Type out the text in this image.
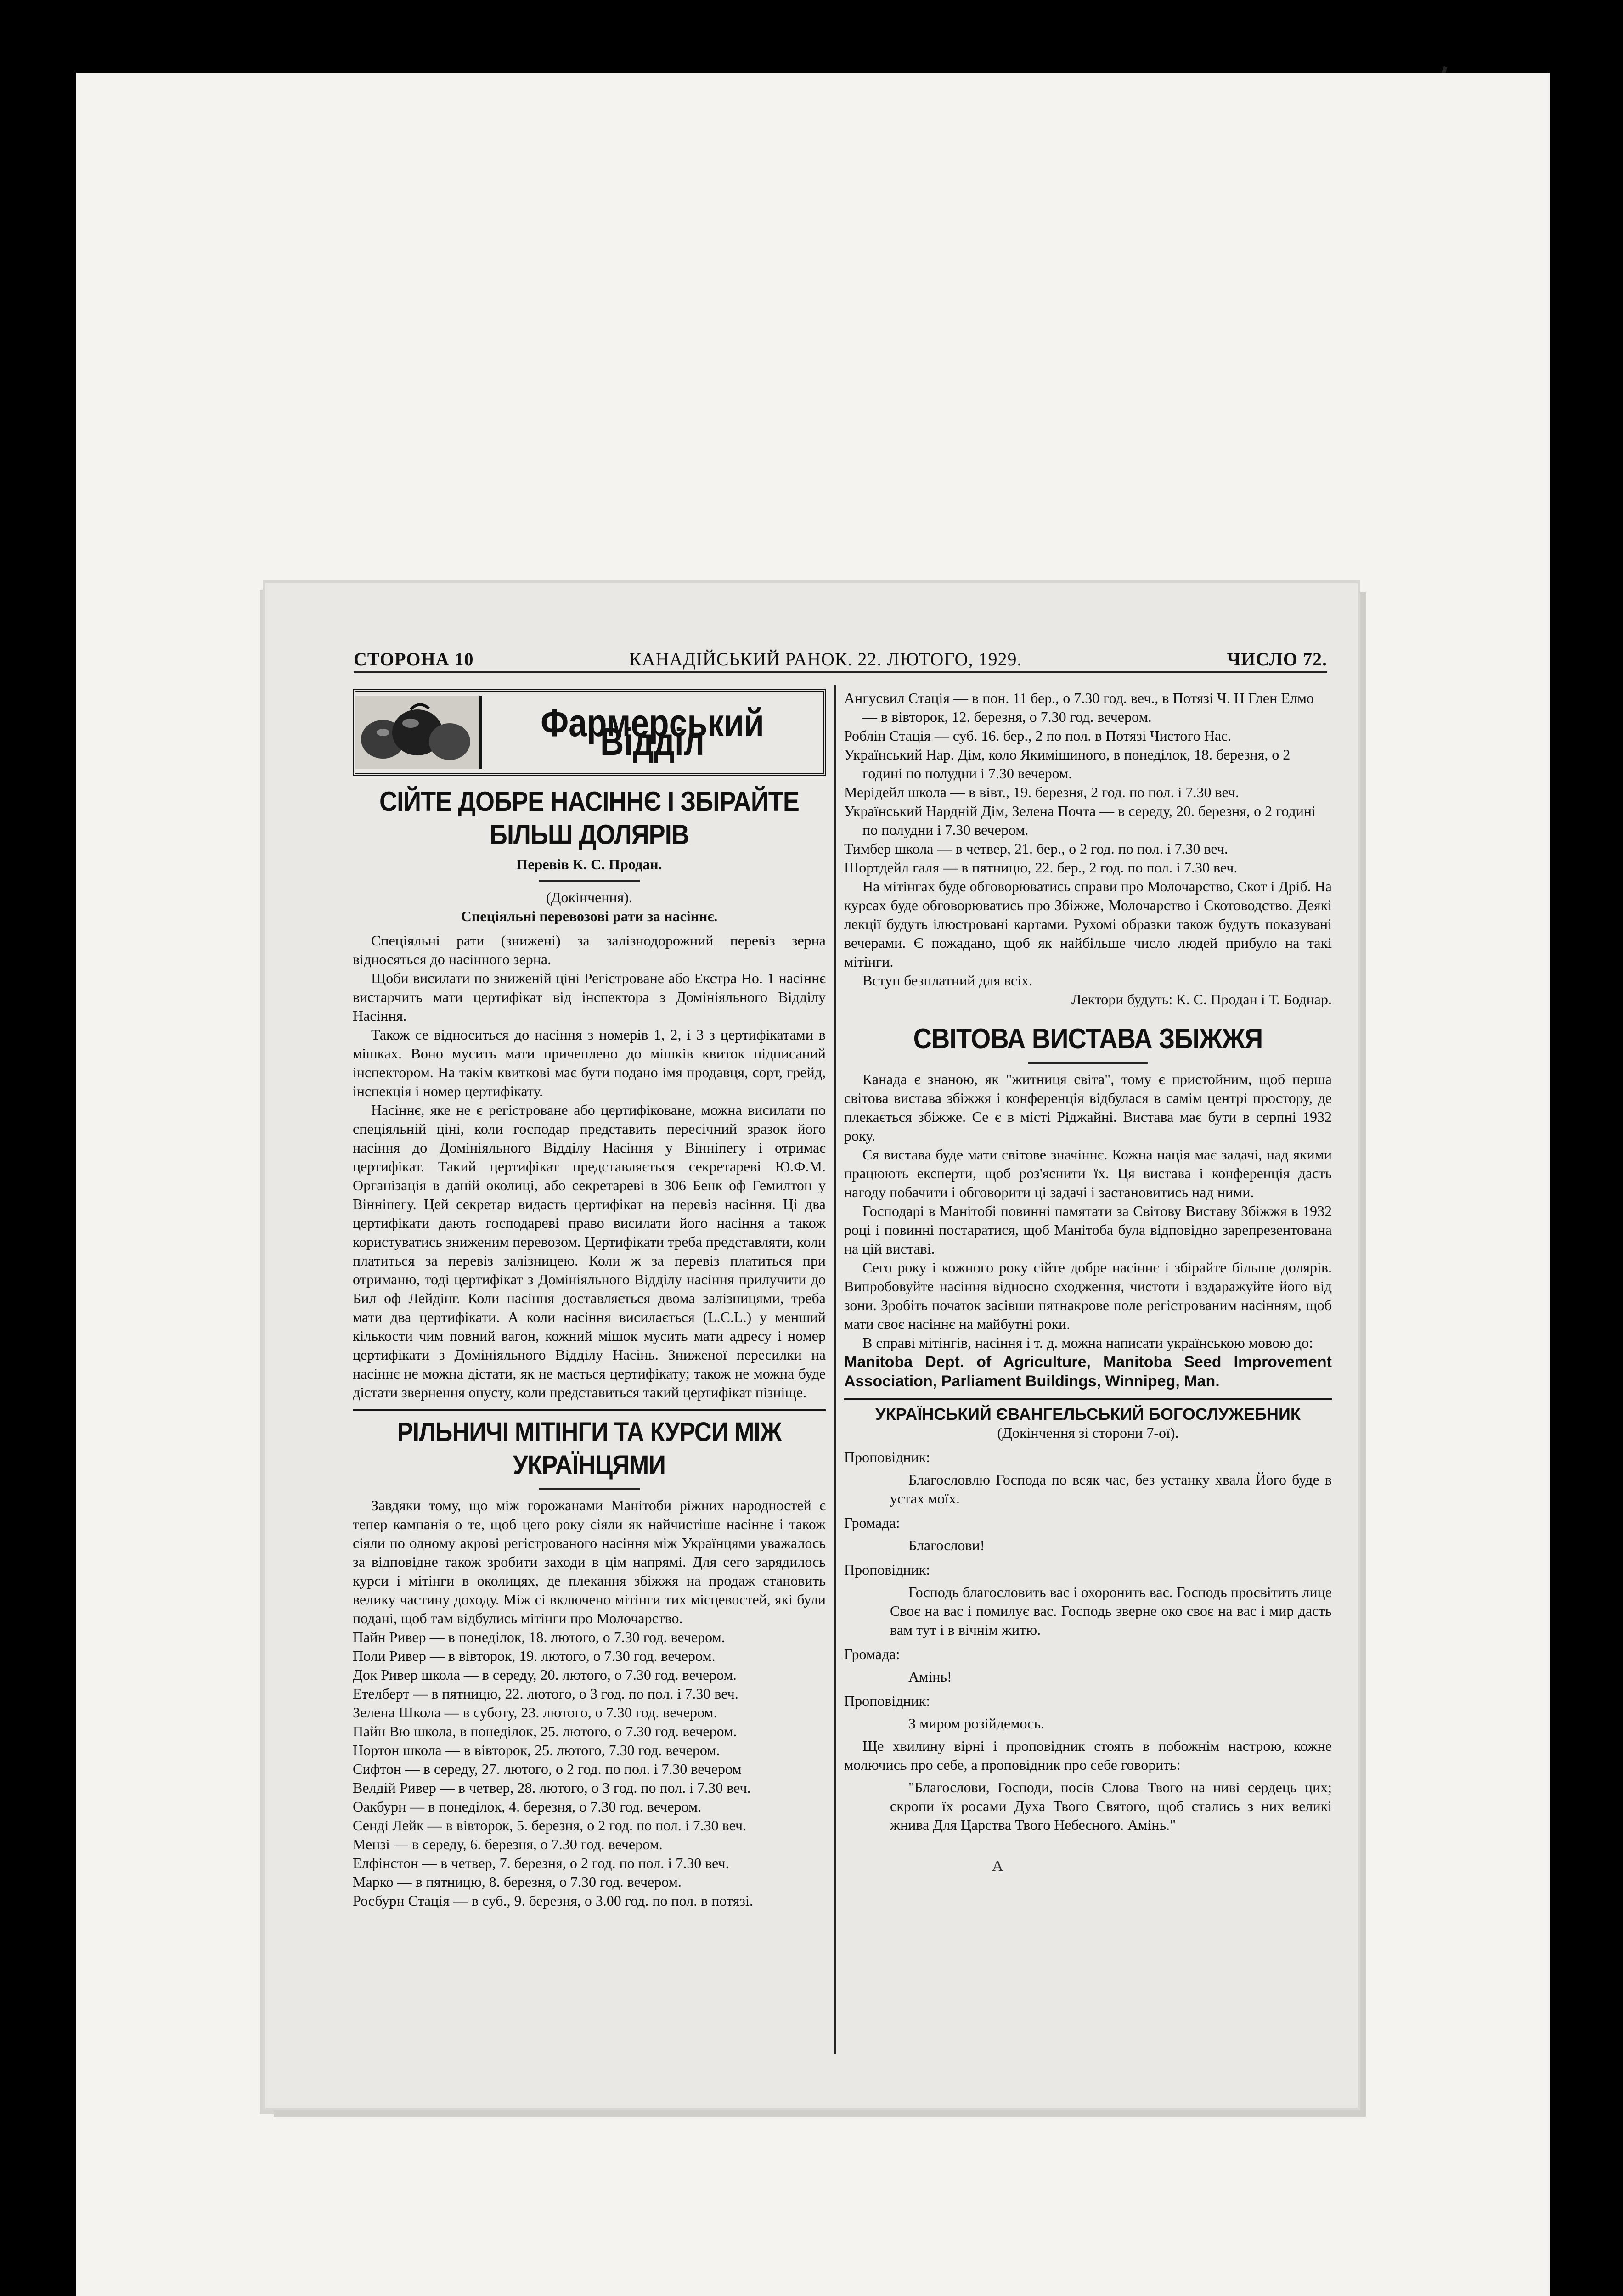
СТОРОНА 10	КАНАДІЙСЬКИЙ РАНОК. 22. ЛЮТОГО, 1929.	ЧИСЛО 72.
Фармерський Відділ
СІЙТЕ ДОБРЕ НАСІННЄ І ЗБІРАЙТЕ БІЛЬШ ДОЛЯРІВ

Перевів К. С. Продан.

(Докінчення).

Спеціяльні перевозові рати за насіннє.

Спеціяльні рати (знижені) за залізнодорожний перевіз зерна відносяться до насінного зерна.

Щоби висилати по зниженій ціні Регістроване або Екстра Но. 1 насіннє вистарчить мати цертифікат від інспектора з Домініяльного Відділу Насіння.

Також се відноситься до насіння з номерів 1, 2, і 3 з цертифікатами в мішках. Воно мусить мати причеплено до мішків квиток підписаний інспектором. На такім квиткові має бути подано імя продавця, сорт, грейд, інспекція і номер цертифікату.

Насіннє, яке не є регістроване або цертифіковане, можна висилати по спеціяльній ціні, коли господар представить пересічний зразок його насіння до Домініяльного Відділу Насіння у Вінніпегу і отримає цертифікат. Такий цертифікат представляється секретареві Ю.Ф.М. Організація в даній околиці, або секретареві в 306 Бенк оф Гемилтон у Вінніпегу. Цей секретар видасть цертифікат на перевіз насіння. Ці два цертифікати дають господареві право висилати його насіння а також користуватись зниженим перевозом. Цертифікати треба представляти, коли платиться за перевіз залізницею. Коли ж за перевіз платиться при отриманю, тоді цертифікат з Домініяльного Відділу насіння прилучити до Бил оф Лейдінг. Коли насіння доставляється двома залізницями, треба мати два цертифікати. А коли насіння висилається (L.C.L.) у менший кількости чим повний вагон, кожний мішок мусить мати адресу і номер цертифікати з Домініяльного Відділу Насінь. Зниженої пересилки на насіннє не можна дістати, як не мається цертифікату; також не можна буде дістати звернення опусту, коли представиться такий цертифікат пізніще.

РІЛЬНИЧІ МІТІНГИ ТА КУРСИ МІЖ УКРАЇНЦЯМИ

Завдяки тому, що між горожанами Манітоби ріжних народностей є тепер кампанія о те, щоб цего року сіяли як найчистіше насіннє і також сіяли по одному акрові регістрованого насіння між Українцями уважалось за відповідне також зробити заходи в цім напрямі. Для сего зарядилось курси і мітінги в околицях, де плекання збіжжя на продаж становить велику частину доходу. Між сі включено мітінги тих місцевостей, які були подані, щоб там відбулись мітінги про Молочарство.

Пайн Ривер — в понеділок, 18. лютого, о 7.30 год. вечером.

Поли Ривер — в вівторок, 19. лютого, о 7.30 год. вечером.

Док Ривер школа — в середу, 20. лютого, о 7.30 год. вечером.

Етелберт — в пятницю, 22. лютого, о 3 год. по пол. і 7.30 веч.

Зелена Школа — в суботу, 23. лютого, о 7.30 год. вечером.

Пайн Вю школа, в понеділок, 25. лютого, о 7.30 год. вечером.

Нортон школа — в вівторок, 25. лютого, 7.30 год. вечером.

Сифтон — в середу, 27. лютого, о 2 год. по пол. і 7.30 вечером

Велдій Ривер — в четвер, 28. лютого, о 3 год. по пол. і 7.30 веч.

Оакбурн — в понеділок, 4. березня, о 7.30 год. вечером.

Сенді Лейк — в вівторок, 5. березня, о 2 год. по пол. і 7.30 веч.

Мензі — в середу, 6. березня, о 7.30 год. вечером.

Елфінстон — в четвер, 7. березня, о 2 год. по пол. і 7.30 веч.

Марко — в пятницю, 8. березня, о 7.30 год. вечером.

Росбурн Стація — в суб., 9. березня, о 3.00 год. по пол. в потязі.

Ангусвил Стація — в пон. 11 бер., о 7.30 год. веч., в Потязі Ч. Н Глен Елмо — в вівторок, 12. березня, о 7.30 год. вечером.

Роблін Стація — суб. 16. бер., 2 по пол. в Потязі Чистого Нас.

Український Нар. Дім, коло Якимішиного, в понеділок, 18. березня, о 2 годині по полудни і 7.30 вечером.

Мерідейл школа — в вівт., 19. березня, 2 год. по пол. і 7.30 веч.

Український Нардній Дім, Зелена Почта — в середу, 20. березня, о 2 годині по полудни і 7.30 вечером.

Тимбер школа — в четвер, 21. бер., о 2 год. по пол. і 7.30 веч.

Шортдейл галя — в пятницю, 22. бер., 2 год. по пол. і 7.30 веч.

На мітінгах буде обговорюватись справи про Молочарство, Скот і Дріб. На курсах буде обговорюватись про Збіжже, Молочарство і Скотоводство. Деякі лекції будуть ілюстровані картами. Рухомі образки також будуть показувані вечерами. Є пожадано, щоб як найбільше число людей прибуло на такі мітінги.

Вступ безплатний для всіх.

Лектори будуть: К. С. Продан і Т. Боднар.

СВІТОВА ВИСТАВА ЗБІЖЖЯ

Канада є знаною, як "житниця світа", тому є пристойним, щоб перша світова вистава збіжжя і конференція відбулася в самім центрі простору, де плекається збіжже. Се є в місті Ріджайні. Вистава має бути в серпні 1932 року.

Ся вистава буде мати світове значіннє. Кожна нація має задачі, над якими працюють експерти, щоб роз'яснити їх. Ця вистава і конференція дасть нагоду побачити і обговорити ці задачі і застановитись над ними.

Господарі в Манітобі повинні памятати за Світову Виставу Збіжжя в 1932 році і повинні постаратися, щоб Манітоба була відповідно зарепрезентована на цій виставі.

Сего року і кожного року сійте добре насіннє і збірайте більше долярів. Випробовуйте насіння відносно сходження, чистоти і вздаражуйте його від зони. Зробіть початок засівши пятнакрове поле регістрованим насінням, щоб мати своє насіннє на майбутні роки.

В справі мітінгів, насіння і т. д. можна написати українською мовою до:

Manitoba Dept. of Agriculture, Manitoba Seed Improvement Association, Parliament Buildings, Winnipeg, Man.

УКРАЇНСЬКИЙ ЄВАНГЕЛЬСЬКИЙ БОГОСЛУЖЕБНИК

(Докінчення зі сторони 7-ої).

Проповідник:

Благословлю Господа по всяк час, без устанку хвала Його буде в устах моїх.

Громада:

Благослови!

Проповідник:

Господь благословить вас і охоронить вас. Господь просвітить лице Своє на вас і помилує вас. Господь зверне око своє на вас і мир дасть вам тут і в вічнім житю.

Громада:

Амінь!

Проповідник:

З миром розійдемось.

Ще хвилину вірні і проповідник стоять в побожнім настрою, кожне молючись про себе, а проповідник про себе говорить:

"Благослови, Господи, посів Слова Твого на ниві сердець цих; скропи їх росами Духа Твого Святого, щоб стались з них великі жнива Для Царства Твого Небесного. Амінь."

А
